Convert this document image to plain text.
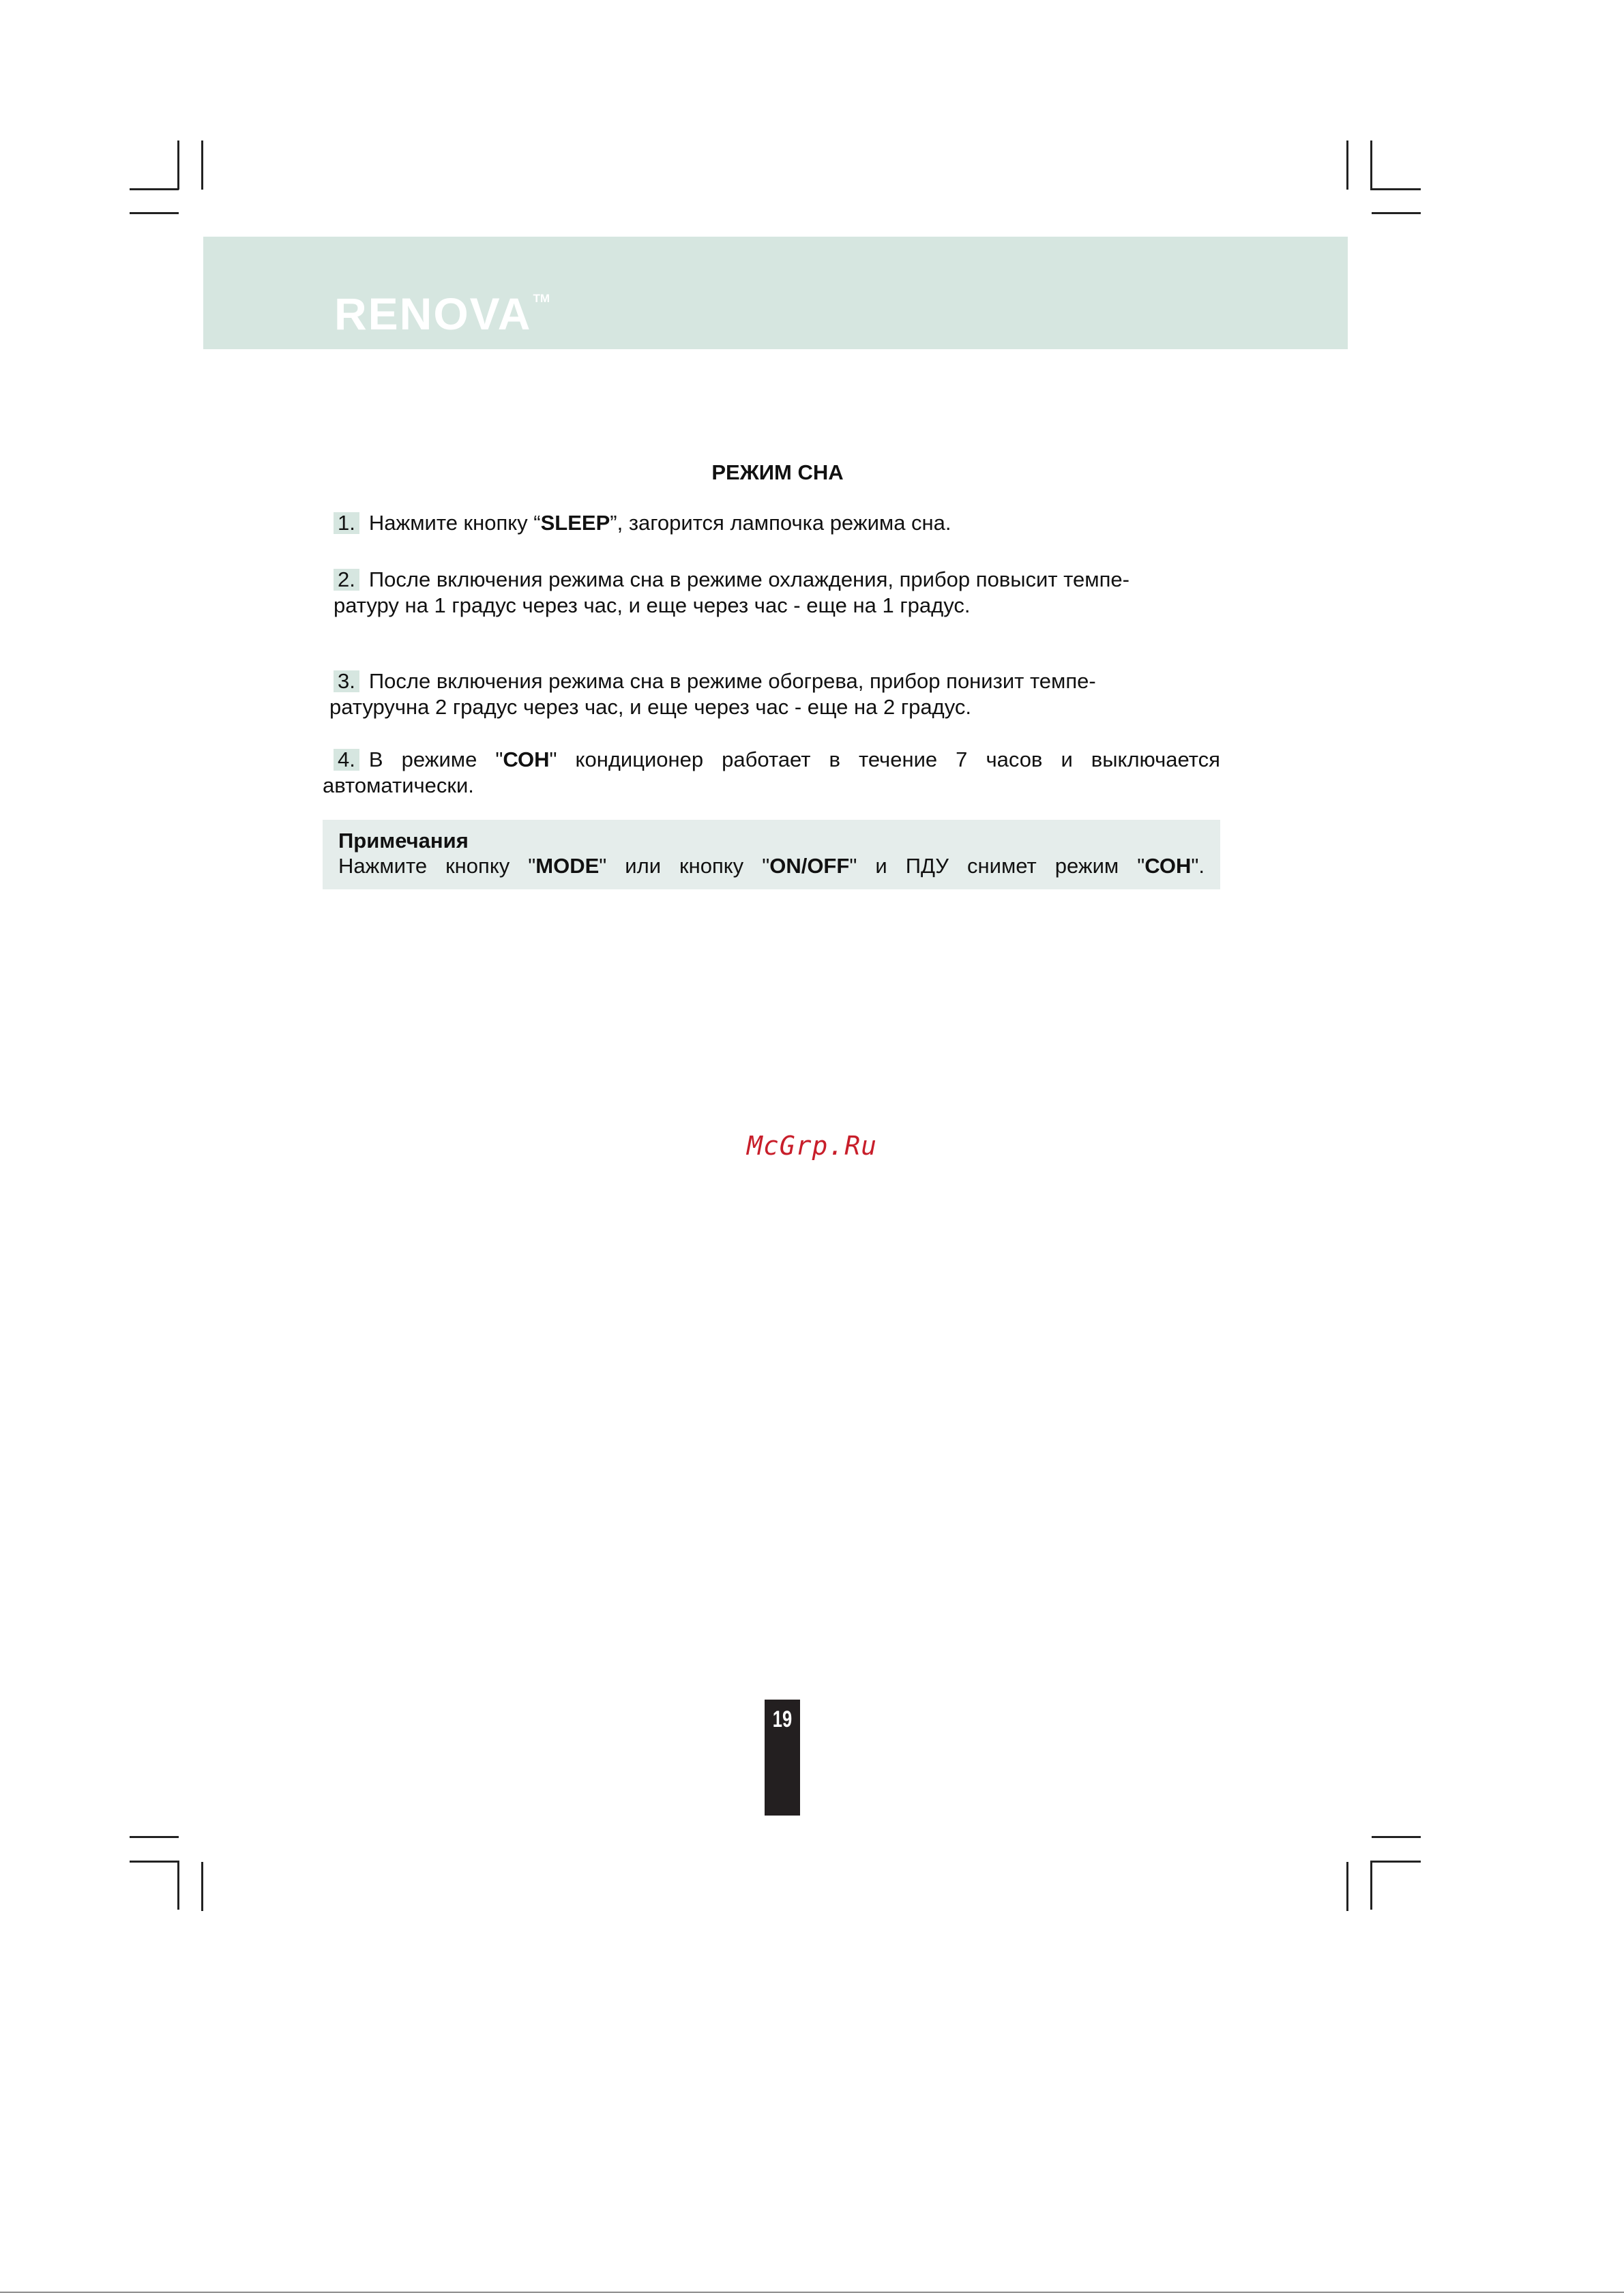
RENOVA ™
РЕЖИМ СНА
1. Нажмите кнопку “SLEEP”, загорится лампочка режима сна.
2. После включения режима сна в режиме охлаждения, прибор повысит темпе-
ратуру на 1 градус через час, и еще через час - еще на 1 градус.
3. После включения режима сна в режиме обогрева, прибор понизит темпе-
ратуручна 2 градус через час, и еще через час - еще на 2 градус.
4. В режиме "СОН" кондиционер работает в течение 7 часов и выключается
автоматически.
Примечания
Нажмите кнопку "MODE" или кнопку "ON/OFF" и ПДУ снимет режим "СОН".
McGrp.Ru
19
